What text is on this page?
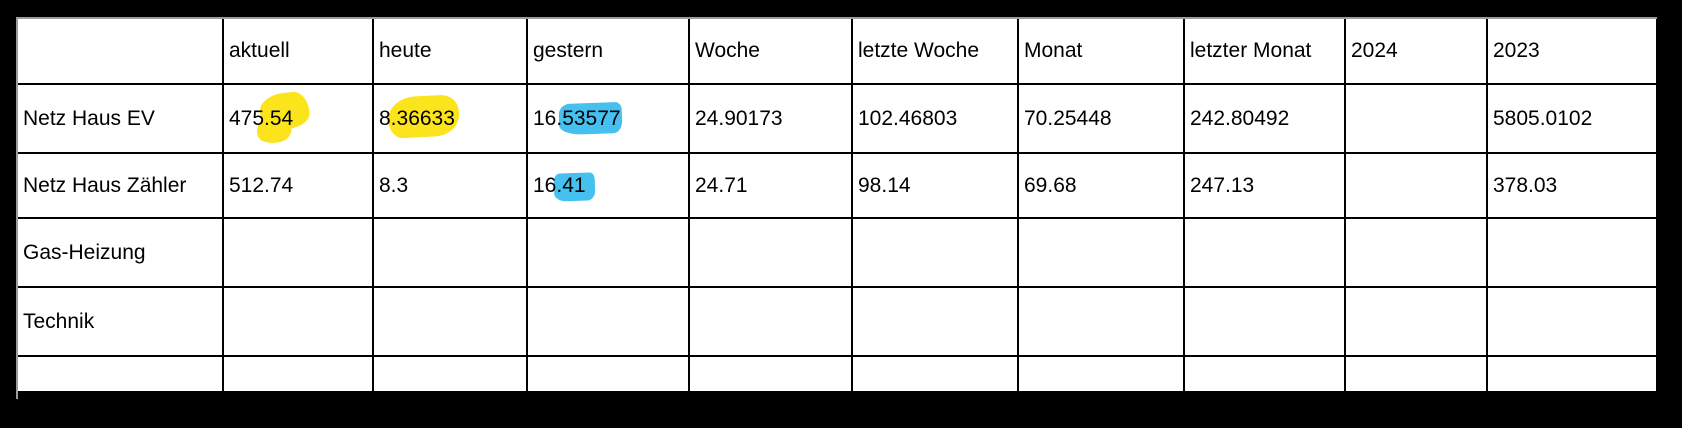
	aktuell	heute	gestern	Woche	letzte Woche	Monat	letzter Monat	2024	2023
Netz Haus EV	475.54	8.36633	16.53577	24.90173	102.46803	70.25448	242.80492		5805.0102
Netz Haus Zähler	512.74	8.3	16.41	24.71	98.14	69.68	247.13		378.03
Gas-Heizung									
Technik									
